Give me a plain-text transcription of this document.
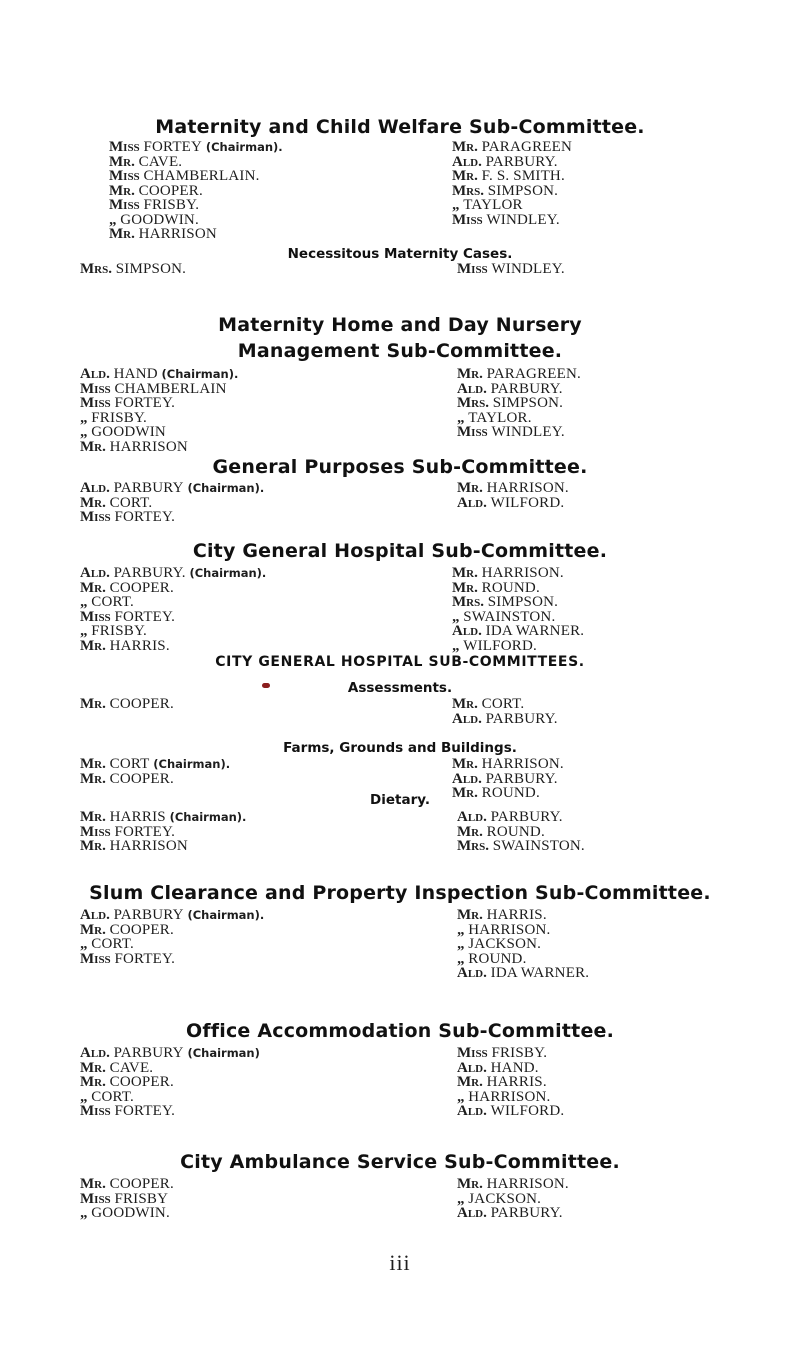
Maternity and Child Welfare Sub-Committee.
Miss FORTEY (Chairman).
Mr. CAVE.
Miss CHAMBERLAIN.
Mr. COOPER.
Miss FRISBY.
„ GOODWIN.
Mr. HARRISON
Mr. PARAGREEN
Ald. PARBURY.
Mr. F. S. SMITH.
Mrs. SIMPSON.
„ TAYLOR
Miss WINDLEY.
Necessitous Maternity Cases.
Mrs. SIMPSON.	Miss WINDLEY.
Maternity Home and Day Nursery
Management Sub-Committee.
Ald. HAND (Chairman).
Miss CHAMBERLAIN
Miss FORTEY.
„ FRISBY.
„ GOODWIN
Mr. HARRISON
Mr. PARAGREEN.
Ald. PARBURY.
Mrs. SIMPSON.
„ TAYLOR.
Miss WINDLEY.
General Purposes Sub-Committee.
Ald. PARBURY (Chairman).
Mr. CORT.
Miss FORTEY.
Mr. HARRISON.
Ald. WILFORD.
City General Hospital Sub-Committee.
Ald. PARBURY. (Chairman).
Mr. COOPER.
„ CORT.
Miss FORTEY.
„ FRISBY.
Mr. HARRIS.
Mr. HARRISON.
Mr. ROUND.
Mrs. SIMPSON.
„ SWAINSTON.
Ald. IDA WARNER.
„ WILFORD.
CITY GENERAL HOSPITAL SUB-COMMITTEES.
Assessments.
Mr. COOPER.	Mr. CORT.
Ald. PARBURY.
Farms, Grounds and Buildings.
Mr. CORT (Chairman).
Mr. COOPER.
Mr. HARRISON.
Ald. PARBURY.
Mr. ROUND.
Dietary.
Mr. HARRIS (Chairman).
Miss FORTEY.
Mr. HARRISON
Ald. PARBURY.
Mr. ROUND.
Mrs. SWAINSTON.
Slum Clearance and Property Inspection Sub-Committee.
Ald. PARBURY (Chairman).
Mr. COOPER.
„ CORT.
Miss FORTEY.
Mr. HARRIS.
„ HARRISON.
„ JACKSON.
„ ROUND.
Ald. IDA WARNER.
Office Accommodation Sub-Committee.
Ald. PARBURY (Chairman)
Mr. CAVE.
Mr. COOPER.
„ CORT.
Miss FORTEY.
Miss FRISBY.
Ald. HAND.
Mr. HARRIS.
„ HARRISON.
Ald. WILFORD.
City Ambulance Service Sub-Committee.
Mr. COOPER.
Miss FRISBY
„ GOODWIN.
Mr. HARRISON.
„ JACKSON.
Ald. PARBURY.
iii
